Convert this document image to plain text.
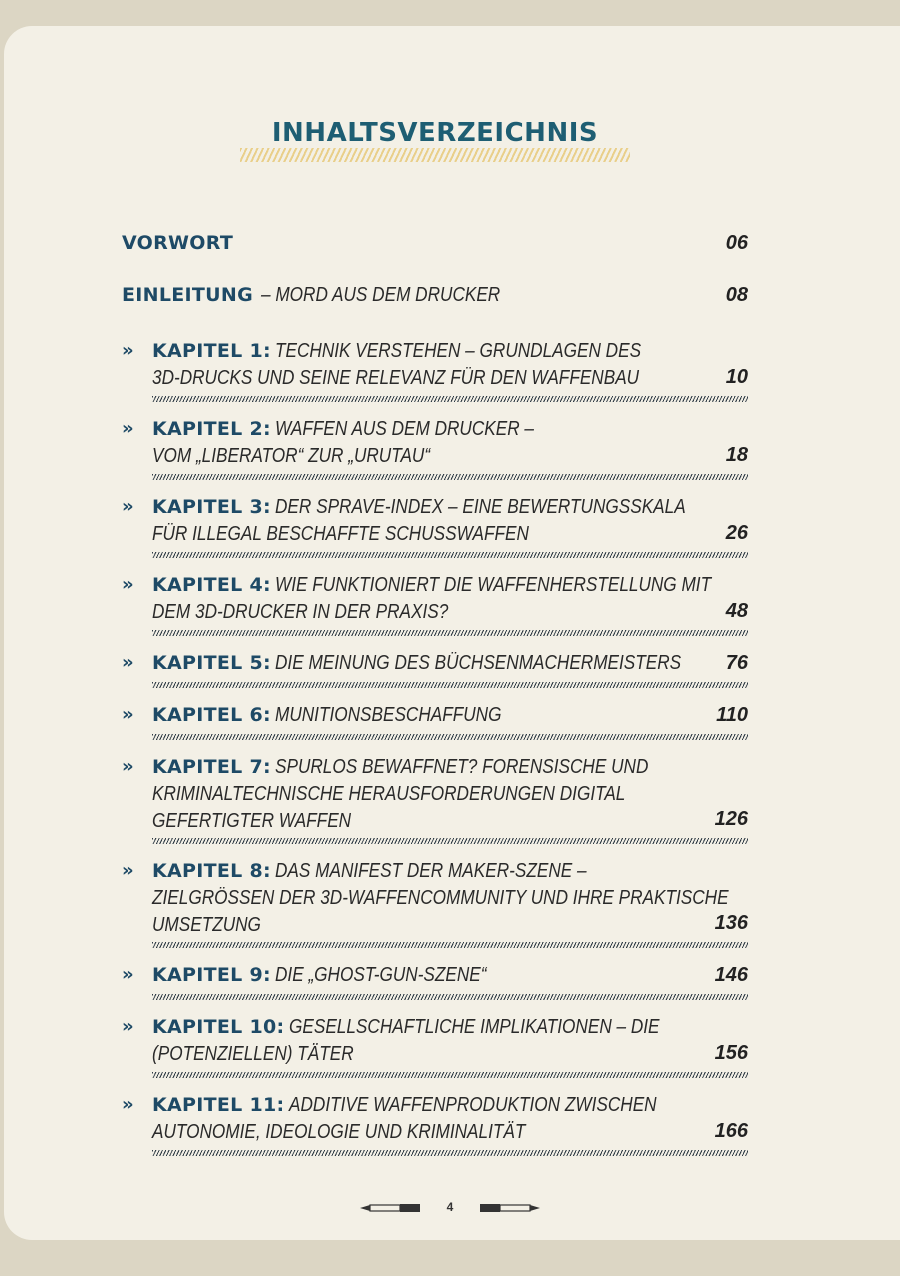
INHALTSVERZEICHNIS
VORWORT	06
EINLEITUNG – MORD AUS DEM DRUCKER	08
» KAPITEL 1: TECHNIK VERSTEHEN – GRUNDLAGEN DES
3D-DRUCKS UND SEINE RELEVANZ FÜR DEN WAFFENBAU	10
» KAPITEL 2: WAFFEN AUS DEM DRUCKER –
VOM „LIBERATOR“ ZUR „URUTAU“	18
» KAPITEL 3: DER SPRAVE-INDEX – EINE BEWERTUNGSSKALA
FÜR ILLEGAL BESCHAFFTE SCHUSSWAFFEN	26
» KAPITEL 4: WIE FUNKTIONIERT DIE WAFFENHERSTELLUNG MIT
DEM 3D-DRUCKER IN DER PRAXIS?	48
» KAPITEL 5: DIE MEINUNG DES BÜCHSENMACHERMEISTERS	76
» KAPITEL 6: MUNITIONSBESCHAFFUNG	110
» KAPITEL 7: SPURLOS BEWAFFNET? FORENSISCHE UND
KRIMINALTECHNISCHE HERAUSFORDERUNGEN DIGITAL
GEFERTIGTER WAFFEN	126
» KAPITEL 8: DAS MANIFEST DER MAKER-SZENE –
ZIELGRÖSSEN DER 3D-WAFFENCOMMUNITY UND IHRE PRAKTISCHE
UMSETZUNG	136
» KAPITEL 9: DIE „GHOST-GUN-SZENE“	146
» KAPITEL 10: GESELLSCHAFTLICHE IMPLIKATIONEN – DIE
(POTENZIELLEN) TÄTER	156
» KAPITEL 11: ADDITIVE WAFFENPRODUKTION ZWISCHEN
AUTONOMIE, IDEOLOGIE UND KRIMINALITÄT	166
4
